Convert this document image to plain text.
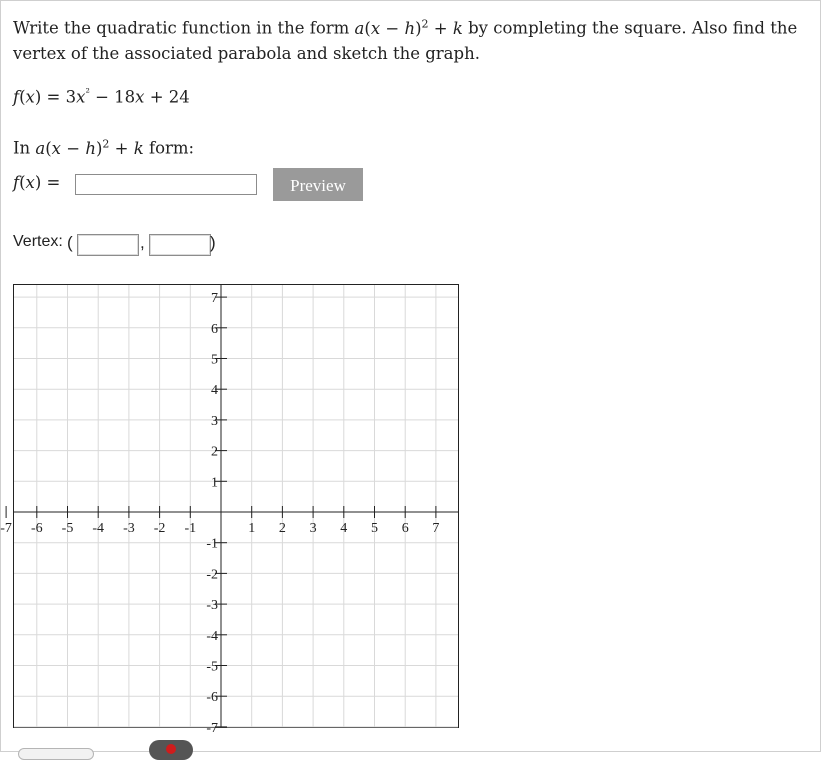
Write the quadratic function in the form $a(x - h)^2 + k$ by completing the square. Also find the vertex of the associated parabola and sketch the graph.
$f(x) = 3x^{^2} - 18x + 24$
In $a(x - h)^2 + k$ form:
f(x) =	Preview
Vertex: (	,	)
-7 -6 -5 -4 -3 -2 -1	1 2 3 4 5 6 7
7
6
5
4
3
2
1
-1
-2
-3
-4
-5
-6
-7
